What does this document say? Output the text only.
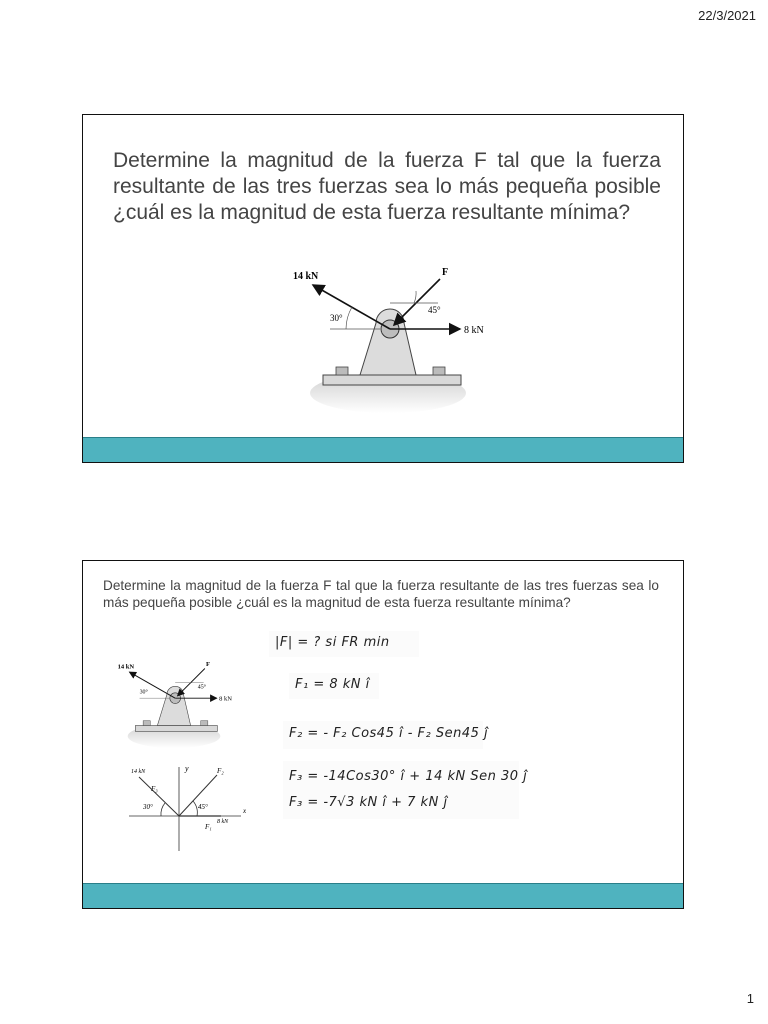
22/3/2021
Determine la magnitud de la fuerza F tal que la fuerza resultante de las tres fuerzas sea lo más pequeña posible ¿cuál es la magnitud de esta fuerza resultante mínima?
14 kN	F
8 kN
30°
45°
Determine la magnitud de la fuerza F tal que la fuerza resultante de las tres fuerzas sea lo más pequeña posible ¿cuál es la magnitud de esta fuerza resultante mínima?
14 kN	F
8 kN
30°
45°
14 kN	y	F₂
F₃
30°	45°
8 kN
x
F₁
|F| = ? si FR min
F₁ = 8 kN î
F₂ = - F₂ Cos45 î - F₂ Sen45 ĵ
F₃ = -14Cos30° î + 14 kN Sen 30 ĵ
F₃ = -7√3 kN î + 7 kN ĵ
1
